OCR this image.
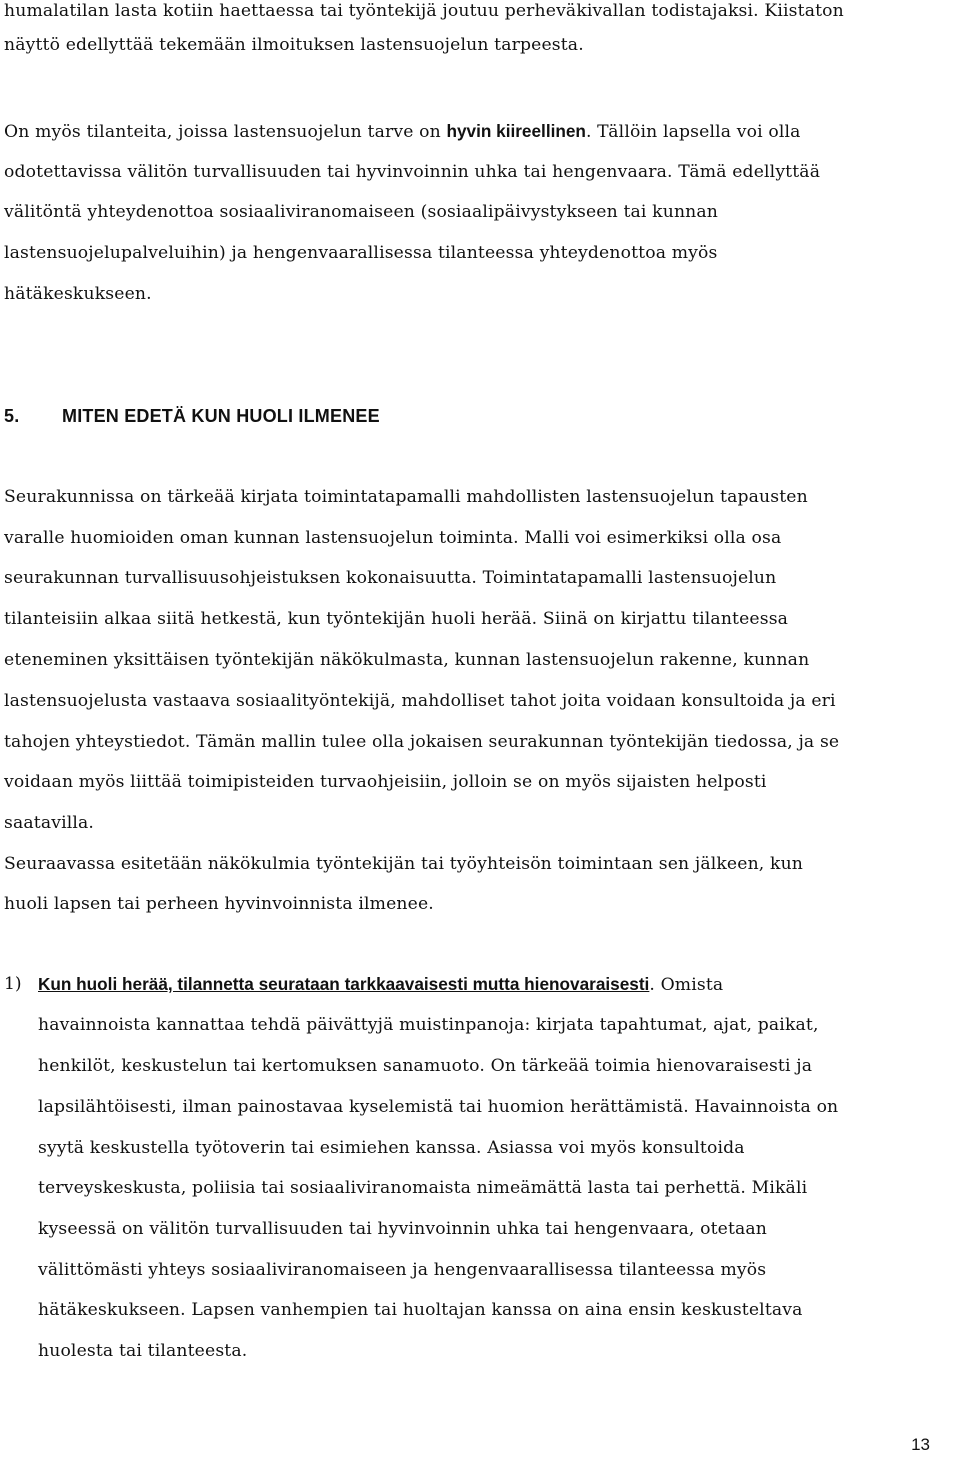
humalatilan lasta kotiin haettaessa tai työntekijä joutuu perheväkivallan todistajaksi. Kiistaton
näyttö edellyttää tekemään ilmoituksen lastensuojelun tarpeesta.
On myös tilanteita, joissa lastensuojelun tarve on hyvin kiireellinen. Tällöin lapsella voi olla
odotettavissa välitön turvallisuuden tai hyvinvoinnin uhka tai hengenvaara. Tämä edellyttää
välitöntä yhteydenottoa sosiaaliviranomaiseen (sosiaalipäivystykseen tai kunnan
lastensuojelupalveluihin) ja hengenvaarallisessa tilanteessa yhteydenottoa myös
hätäkeskukseen.
5. MITEN EDETÄ KUN HUOLI ILMENEE
Seurakunnissa on tärkeää kirjata toimintatapamalli mahdollisten lastensuojelun tapausten
varalle huomioiden oman kunnan lastensuojelun toiminta. Malli voi esimerkiksi olla osa
seurakunnan turvallisuusohjeistuksen kokonaisuutta. Toimintatapamalli lastensuojelun
tilanteisiin alkaa siitä hetkestä, kun työntekijän huoli herää. Siinä on kirjattu tilanteessa
eteneminen yksittäisen työntekijän näkökulmasta, kunnan lastensuojelun rakenne, kunnan
lastensuojelusta vastaava sosiaalityöntekijä, mahdolliset tahot joita voidaan konsultoida ja eri
tahojen yhteystiedot. Tämän mallin tulee olla jokaisen seurakunnan työntekijän tiedossa, ja se
voidaan myös liittää toimipisteiden turvaohjeisiin, jolloin se on myös sijaisten helposti
saatavilla.
Seuraavassa esitetään näkökulmia työntekijän tai työyhteisön toimintaan sen jälkeen, kun
huoli lapsen tai perheen hyvinvoinnista ilmenee.
1) Kun huoli herää, tilannetta seurataan tarkkaavaisesti mutta hienovaraisesti. Omista
havainnoista kannattaa tehdä päivättyjä muistinpanoja: kirjata tapahtumat, ajat, paikat,
henkilöt, keskustelun tai kertomuksen sanamuoto. On tärkeää toimia hienovaraisesti ja
lapsilähtöisesti, ilman painostavaa kyselemistä tai huomion herättämistä. Havainnoista on
syytä keskustella työtoverin tai esimiehen kanssa. Asiassa voi myös konsultoida
terveyskeskusta, poliisia tai sosiaaliviranomaista nimeämättä lasta tai perhettä. Mikäli
kyseessä on välitön turvallisuuden tai hyvinvoinnin uhka tai hengenvaara, otetaan
välittömästi yhteys sosiaaliviranomaiseen ja hengenvaarallisessa tilanteessa myös
hätäkeskukseen. Lapsen vanhempien tai huoltajan kanssa on aina ensin keskusteltava
huolesta tai tilanteesta.
13
